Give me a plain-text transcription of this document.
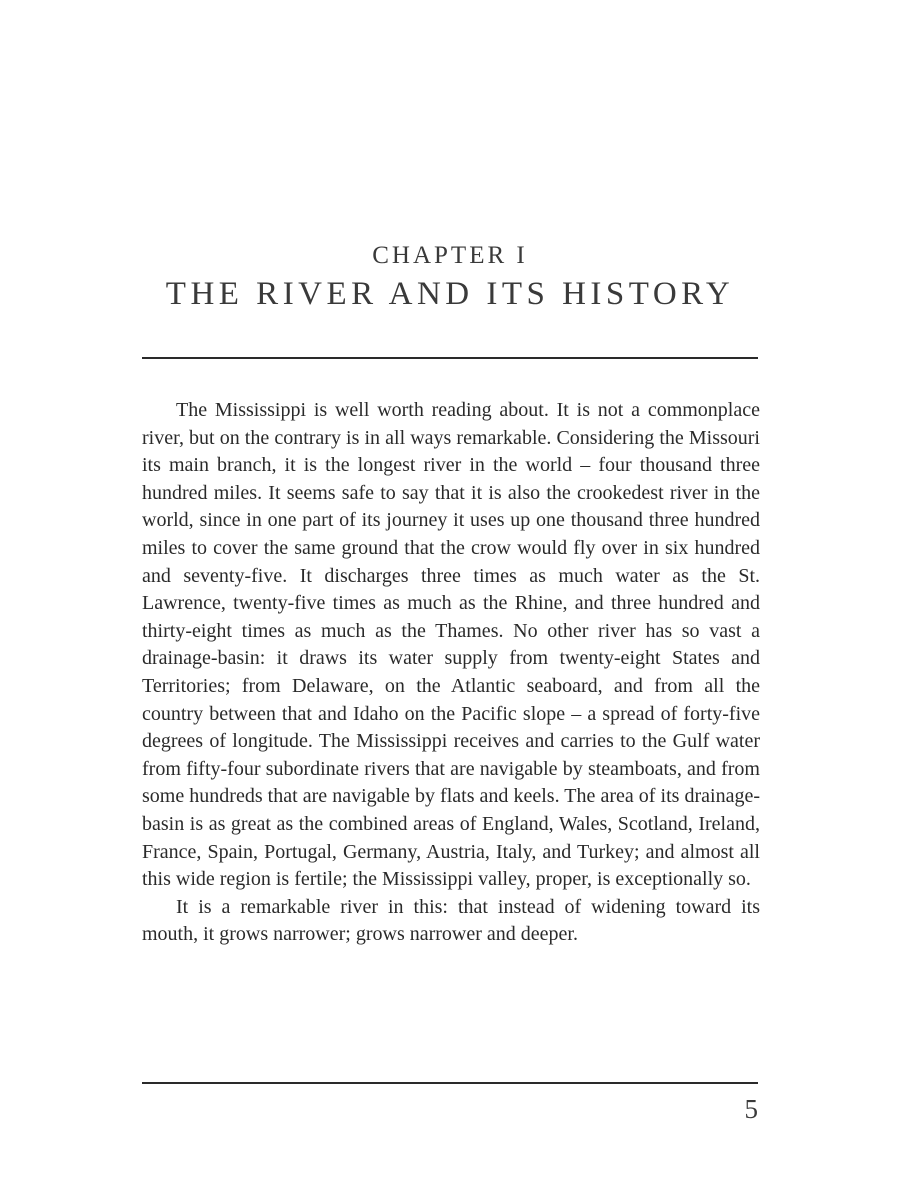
CHAPTER I
THE RIVER AND ITS HISTORY

The Mississippi is well worth reading about. It is not a commonplace river, but on the contrary is in all ways remarkable. Considering the Missouri its main branch, it is the longest river in the world – four thousand three hundred miles. It seems safe to say that it is also the crookedest river in the world, since in one part of its journey it uses up one thousand three hundred miles to cover the same ground that the crow would fly over in six hundred and seventy-five. It discharges three times as much water as the St. Lawrence, twenty-five times as much as the Rhine, and three hundred and thirty-eight times as much as the Thames. No other river has so vast a drainage-basin: it draws its water supply from twenty-eight States and Territories; from Delaware, on the Atlantic seaboard, and from all the country between that and Idaho on the Pacific slope – a spread of forty-five degrees of longitude. The Mississippi receives and carries to the Gulf water from fifty-four subordinate rivers that are navigable by steamboats, and from some hundreds that are navigable by flats and keels. The area of its drainage-basin is as great as the combined areas of England, Wales, Scotland, Ireland, France, Spain, Portugal, Germany, Austria, Italy, and Turkey; and almost all this wide region is fertile; the Mississippi valley, proper, is exceptionally so.

It is a remarkable river in this: that instead of widening toward its mouth, it grows narrower; grows narrower and deeper.

5
